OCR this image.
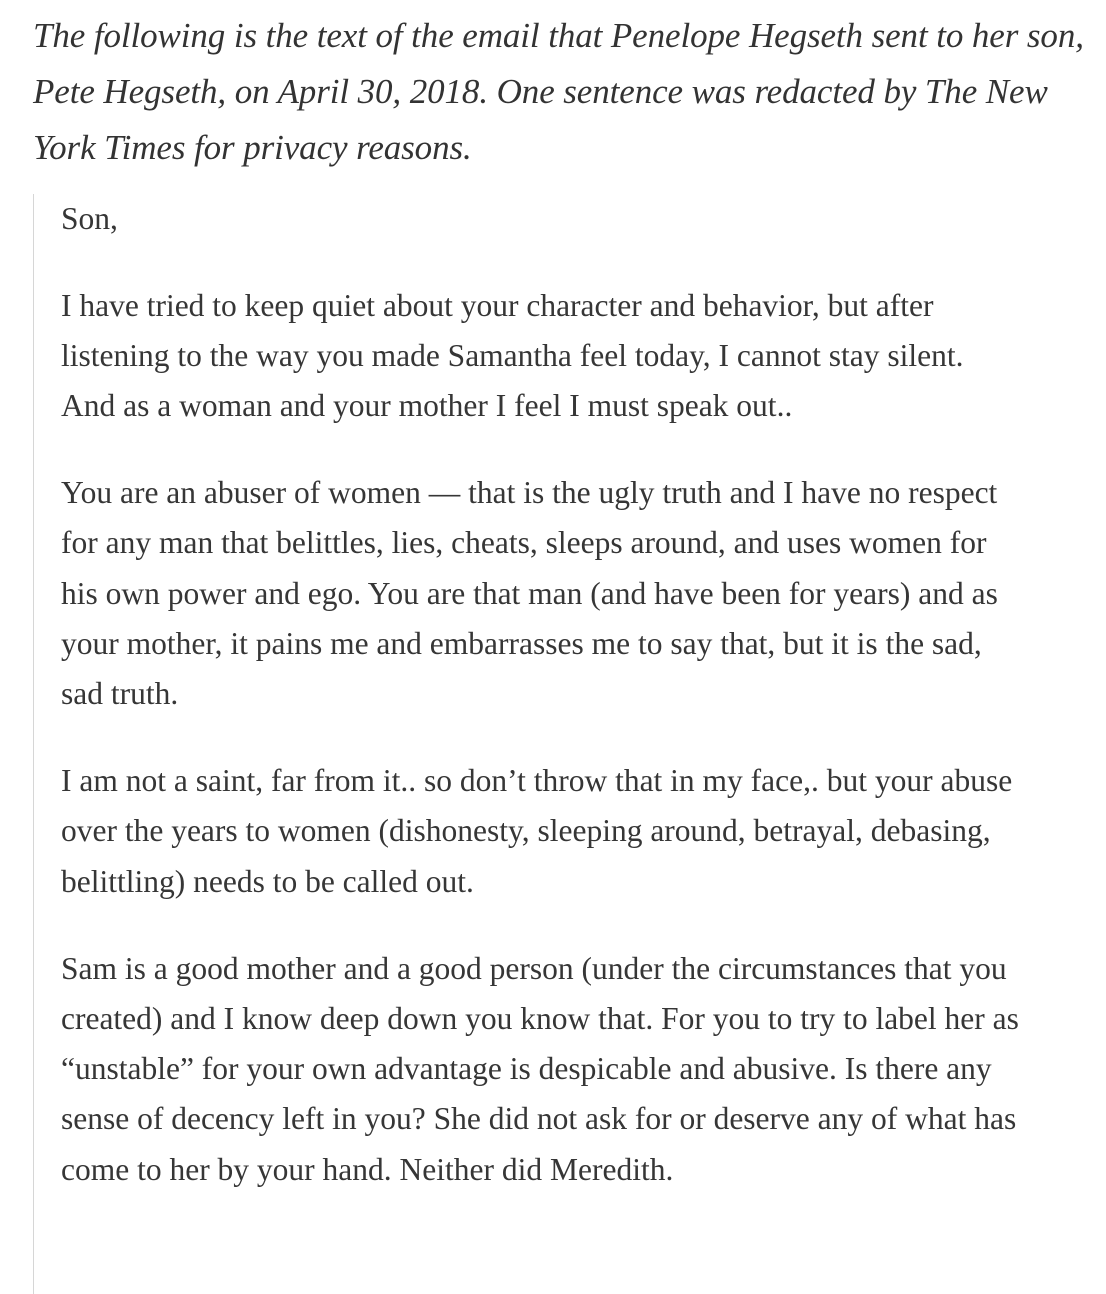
The following is the text of the email that Penelope Hegseth sent to her son, Pete Hegseth, on April 30, 2018. One sentence was redacted by The New York Times for privacy reasons.

Son,

I have tried to keep quiet about your character and behavior, but after listening to the way you made Samantha feel today, I cannot stay silent. And as a woman and your mother I feel I must speak out..

You are an abuser of women — that is the ugly truth and I have no respect for any man that belittles, lies, cheats, sleeps around, and uses women for his own power and ego. You are that man (and have been for years) and as your mother, it pains me and embarrasses me to say that, but it is the sad, sad truth.

I am not a saint, far from it.. so don’t throw that in my face,. but your abuse over the years to women (dishonesty, sleeping around, betrayal, debasing, belittling) needs to be called out.

Sam is a good mother and a good person (under the circumstances that you created) and I know deep down you know that. For you to try to label her as “unstable” for your own advantage is despicable and abusive. Is there any sense of decency left in you? She did not ask for or deserve any of what has come to her by your hand. Neither did Meredith.
